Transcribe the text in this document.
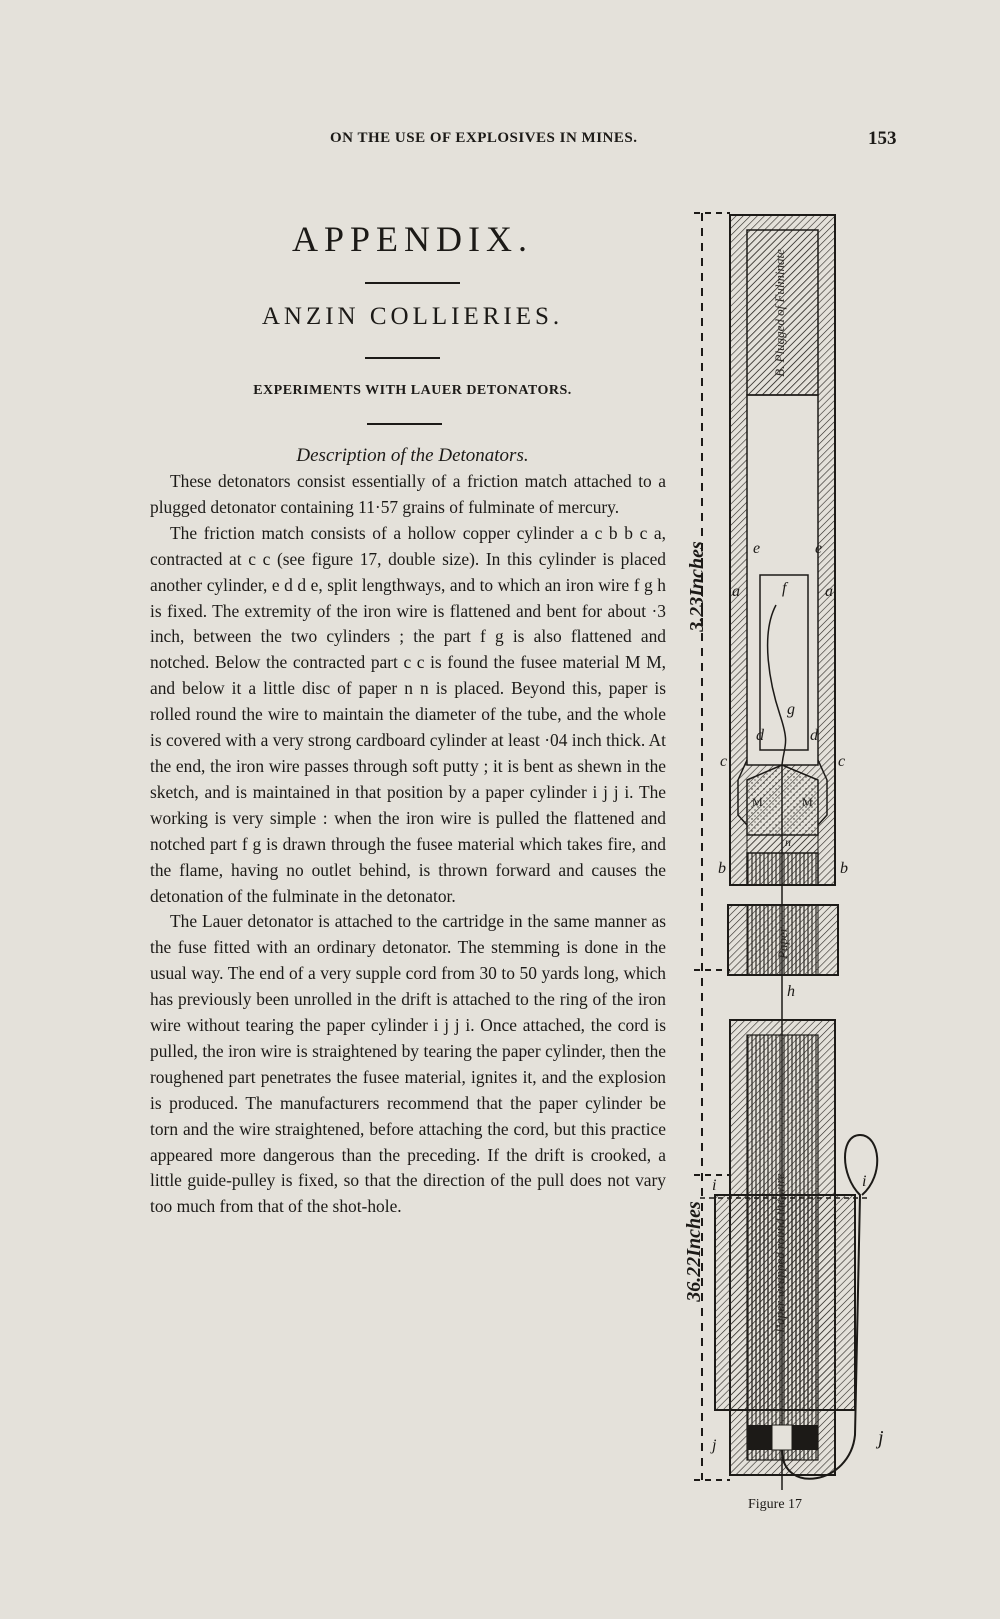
ON THE USE OF EXPLOSIVES IN MINES.	153
APPENDIX.
ANZIN COLLIERIES.
EXPERIMENTS WITH LAUER DETONATORS.
Description of the Detonators.

These detonators consist essentially of a friction match attached to a plugged detonator containing 11·57 grains of fulminate of mercury.

The friction match consists of a hollow copper cylinder a c b b c a, contracted at c c (see figure 17, double size). In this cylinder is placed another cylinder, e d d e, split lengthways, and to which an iron wire f g h is fixed. The extremity of the iron wire is flattened and bent for about ·3 inch, between the two cylinders ; the part f g is also flattened and notched. Below the contracted part c c is found the fusee material M M, and below it a little disc of paper n n is placed. Beyond this, paper is rolled round the wire to maintain the diameter of the tube, and the whole is covered with a very strong cardboard cylinder at least ·04 inch thick. At the end, the iron wire passes through soft putty ; it is bent as shewn in the sketch, and is maintained in that position by a paper cylinder i j j i. The working is very simple : when the iron wire is pulled the flattened and notched part f g is drawn through the fusee material which takes fire, and the flame, having no outlet behind, is thrown forward and causes the detonation of the fulminate in the detonator.

The Lauer detonator is attached to the cartridge in the same manner as the fuse fitted with an ordinary detonator. The stemming is done in the usual way. The end of a very supple cord from 30 to 50 yards long, which has previously been unrolled in the drift is attached to the ring of the iron wire without tearing the paper cylinder i j j i. Once attached, the cord is pulled, the iron wire is straightened by tearing the paper cylinder, then the roughened part penetrates the fusee material, ignites it, and the explosion is produced. The manufacturers recommend that the paper cylinder be torn and the wire straightened, before attaching the cord, but this practice appeared more dangerous than the preceding. If the drift is crooked, a little guide-pulley is fixed, so that the direction of the pull does not vary too much from that of the shot-hole.

3.23Inches
36.22Inches
B. Plugged of Fulminate
Paper
Paper wrapped round the wire
e	e
a	a
f
g
d	d
c	c
M	M
n
b	b
h
i	i
j	j
Figure 17
